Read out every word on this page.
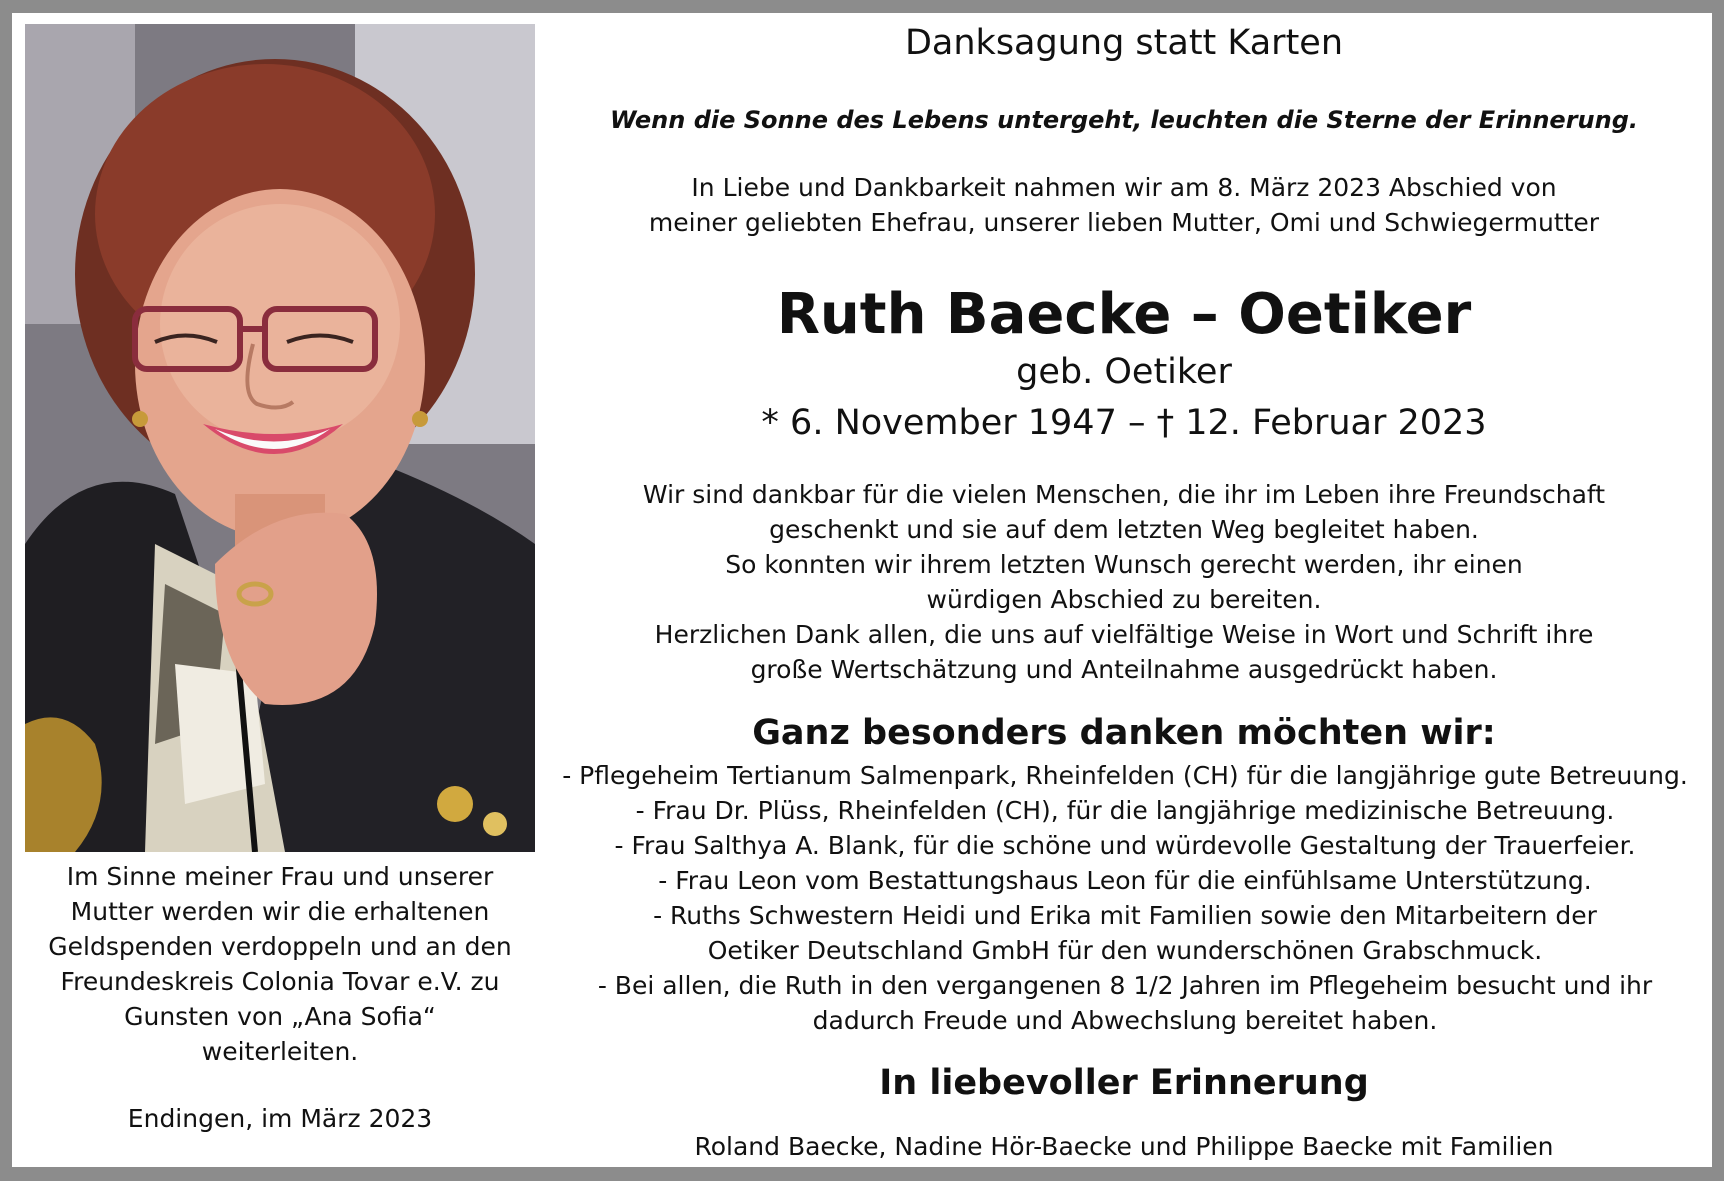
Im Sinne meiner Frau und unserer
Mutter werden wir die erhaltenen
Geldspenden verdoppeln und an den
Freundeskreis Colonia Tovar e.V. zu
Gunsten von „Ana Sofia“
weiterleiten.
Endingen, im März 2023
Danksagung statt Karten
Wenn die Sonne des Lebens untergeht, leuchten die Sterne der Erinnerung.
In Liebe und Dankbarkeit nahmen wir am 8. März 2023 Abschied von
meiner geliebten Ehefrau, unserer lieben Mutter, Omi und Schwiegermutter
Ruth Baecke – Oetiker
geb. Oetiker
* 6. November 1947 – † 12. Februar 2023
Wir sind dankbar für die vielen Menschen, die ihr im Leben ihre Freundschaft
geschenkt und sie auf dem letzten Weg begleitet haben.
So konnten wir ihrem letzten Wunsch gerecht werden, ihr einen
würdigen Abschied zu bereiten.
Herzlichen Dank allen, die uns auf vielfältige Weise in Wort und Schrift ihre
große Wertschätzung und Anteilnahme ausgedrückt haben.
Ganz besonders danken möchten wir:
- Pflegeheim Tertianum Salmenpark, Rheinfelden (CH) für die langjährige gute Betreuung.
- Frau Dr. Plüss, Rheinfelden (CH), für die langjährige medizinische Betreuung.
- Frau Salthya A. Blank, für die schöne und würdevolle Gestaltung der Trauerfeier.
- Frau Leon vom Bestattungshaus Leon für die einfühlsame Unterstützung.
- Ruths Schwestern Heidi und Erika mit Familien sowie den Mitarbeitern der
Oetiker Deutschland GmbH für den wunderschönen Grabschmuck.
- Bei allen, die Ruth in den vergangenen 8 1/2 Jahren im Pflegeheim besucht und ihr
dadurch Freude und Abwechslung bereitet haben.
In liebevoller Erinnerung
Roland Baecke, Nadine Hör-Baecke und Philippe Baecke mit Familien
